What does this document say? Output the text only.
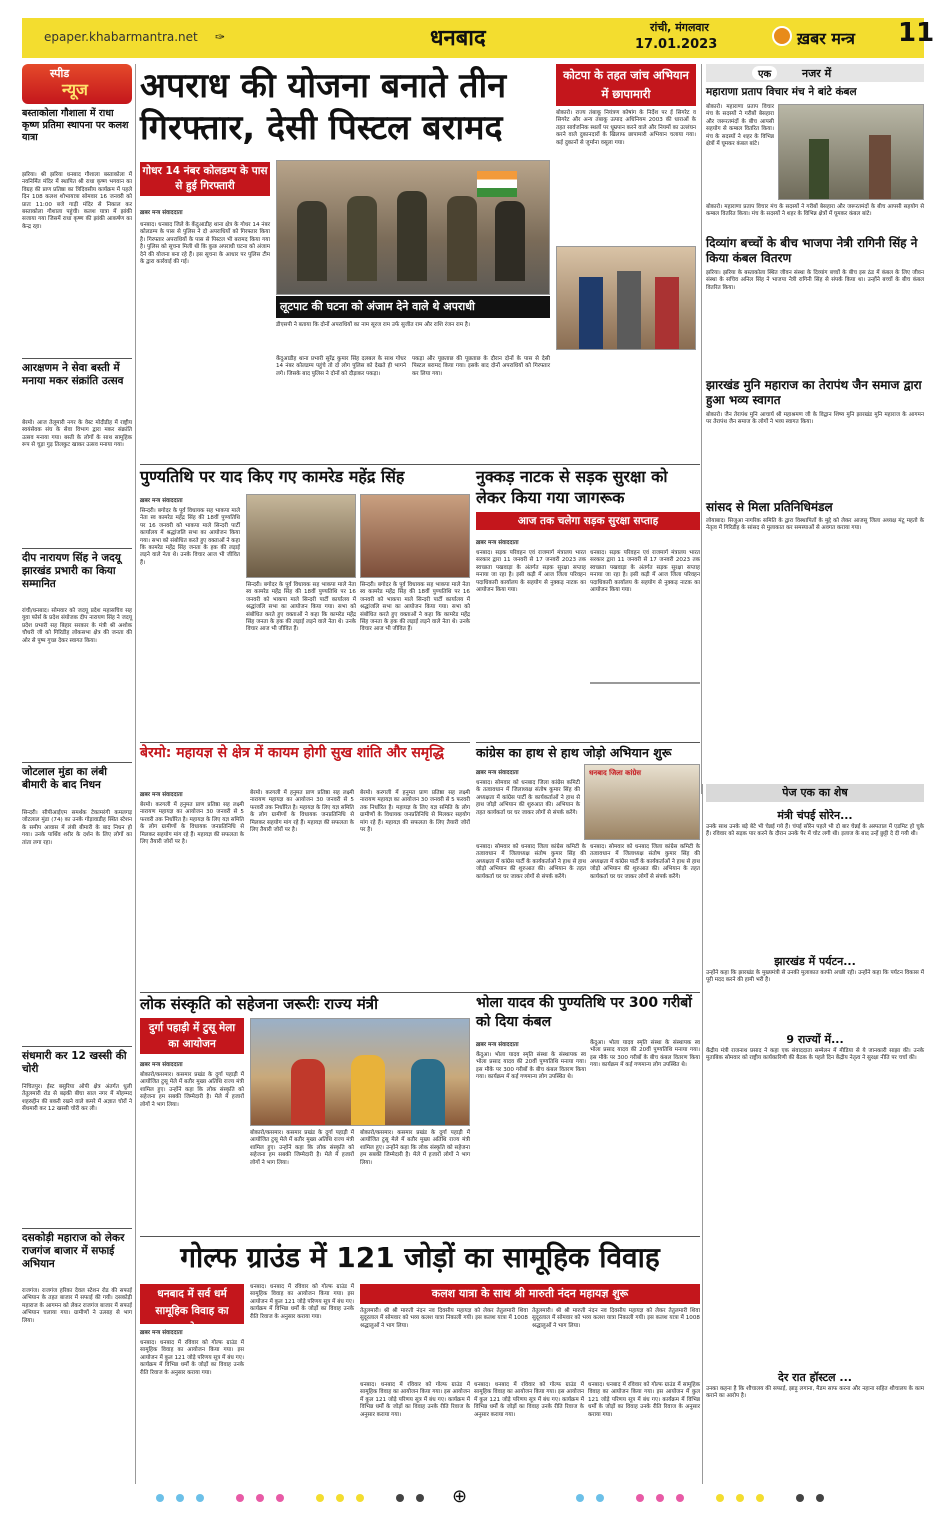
epaper.khabarmantra.net ✑	धनबाद	रांची, मंगलवार
17.01.2023	ख़बर मन्त्र 11
स्पीड
न्यूज
बस्ताकोला गौशाला में राधा कृष्ण प्रतिमा स्थापना पर कलश यात्रा
झरिया। श्री झरिया धनबाद गौशाला बस्ताकोला में नवनिर्मित मंदिर में स्थापित श्री राधा कृष्ण भगवान का विग्रह की प्राण प्रतिष्ठा का त्रिदिवसीय कार्यक्रम में पहले दिन 108 कलश शोभायात्रा सोमवार 16 जनवरी को प्रातः 11:00 बजे गाड़ी मंदिर से निकाल कर बस्ताकोला गौशाला पहुंची। कलश यात्रा में झांकी सजाया गया जिसमें राधा कृष्ण की झांकी आकर्षण का केन्द्र रहा।
आरक्षणम ने सेवा बस्ती में मनाया मकर संक्रांति उत्सव
बेरमो। आज तेलूमारी नगर के वेस्ट मोदीडीह में राष्ट्रीय स्वयंसेवक संघ के सेवा विभाग द्वारा मकर संक्रांति उत्सव मनाया गया। बस्ती के लोगों के साथ सामूहिक रूप से चूड़ा गुड़ तिलकुट खाकर उत्सव मनाया गया।
दीप नारायण सिंह ने जदयू झारखंड प्रभारी का किया सम्मानित
रांची/धनबाद। सोमवार को जदयू प्रदेश महासचिव सह युवा फोर्स के प्रदेश संयोजक दीप नारायण सिंह ने जदयू प्रदेश प्रभारी सह बिहार सरकार के मंत्री श्री अशोक चौधरी जी को गिरिडीह लोकसभा क्षेत्र की जनता की ओर से पुष्प गुच्छ देकर स्वागत किया।
जोटलाल मुंडा का लंबी बीमारी के बाद निधन
सिन्दरी। सीपीआईएम समर्थक टेकामरंगी कमलगड़ जोटलाल मुंडा (74) का उनके गोड़ावाडीह स्थित स्टेशन के समीप आवास में लंबी बीमारी के बाद निधन हो गया। उनके पार्थिव शरीर के दर्शन के लिए लोगों का तांता लगा रहा।
संधमारी कर 12 खस्सी की चोरी
निचितपुर। ईस्ट बसुरिया ओपी क्षेत्र अंतर्गत धुली तेतुलमारी रोड से बढ़की बीघा साल नगर में मोहम्मद शहरुद्दीन की बकरी रखने वाले कमरे में अज्ञात चोरों ने सेंधमारी कर 12 खस्सी चोरी कर ली।
दसकोड़ी महाराज को लेकर राजगंज बाजार में सफाई अभियान
राजगंज। राजगंज हरिका देवल स्टेशन रोड की सफाई अभियान के तहत बाजार में सफाई की गयी। दसकोड़ी महाराज के आगमन को लेकर राजगंज बाजार में सफाई अभियान चलाया गया। ग्रामीणों ने उत्साह से भाग लिया।
अपराध की योजना बनाते तीन
गिरफ्तार, देसी पिस्टल बरामद
गोधर 14 नंबर कोलडम्प के पास से हुई गिरफ्तारी
ख़बर मन्त्र संवाददाता
धनबाद। धनबाद जिले के केंदुआडीह थाना क्षेत्र के गोधर 14 नंबर कोलडम्प के पास से पुलिस ने दो अपराधियों को गिरफ्तार किया है। गिरफ्तार अपराधियों के पास से पिस्टल भी बरामद किया गया है। पुलिस को सूचना मिली थी कि कुछ अपराधी घटना को अंजाम देने की योजना बना रहे हैं। इस सूचना के आधार पर पुलिस टीम के द्वारा कार्रवाई की गई।
लूटपाट की घटना को अंजाम देने वाले थे अपराधी
डीएसपी ने बताया कि दोनों अपराधियों का नाम सूरज राम उर्फ सुजीत राम और राशि रंजन राम है।
केंदुआडीह थाना प्रभारी सुरेंद्र कुमार सिंह दलबल के साथ गोधर 14 नंबर कोलडम्प पहुंचे तो दो लोग पुलिस को देखते ही भागने लगे। जिसके बाद पुलिस ने दोनों को दौड़ाकर पकड़ा।
पकड़ा और पूछताछ की पूछताछ के दौरान दोनों के पास से देसी पिस्टल बरामद किया गया। इसके बाद दोनों अपराधियों को गिरफ्तार कर लिया गया।
कोटपा के तहत जांच अभियान में छापामारी
बोकारो। राज्य तंबाकू नियंत्रण कोषांग के निर्देश पर ई सिगरेट व सिगरेट और अन्य तंबाकू उत्पाद अधिनियम 2003 की धाराओं के तहत सार्वजनिक स्थलों पर धूम्रपान करने वाले और नियमों का उल्लंघन करने वाले दुकानदारों के खिलाफ छापामारी अभियान चलाया गया। कई दुकानों से जुर्माना वसूला गया।
एक	नजर में
महाराणा प्रताप विचार मंच ने बांटे कंबल
बोकारो। महाराणा प्रताप विचार मंच के सदस्यों ने गरीबों बेसहारा और जरूरतमंदों के बीच आपसी सहयोग से कम्बल वितरित किया। मंच के सदस्यों ने शहर के विभिन्न क्षेत्रों में घूमकर कंबल बांटे।
बोकारो। महाराणा प्रताप विचार मंच के सदस्यों ने गरीबों बेसहारा और जरूरतमंदों के बीच आपसी सहयोग से कम्बल वितरित किया। मंच के सदस्यों ने शहर के विभिन्न क्षेत्रों में घूमकर कंबल बांटे।
दिव्यांग बच्चों के बीच भाजपा नेत्री रागिनी सिंह ने किया कंबल वितरण
झरिया। झरिया के बस्ताकोला स्थित जीवन संस्था के दिव्यांग बच्चों के बीच इस ठंड में कंबल के लिए जीवन संस्था के सचिव अनिल सिंह ने भाजपा नेत्री रागिनी सिंह से संपर्क किया था। उन्होंने बच्चों के बीच कंबल वितरित किया।
झारखंड मुनि महाराज का तेरापंथ जैन समाज द्वारा हुआ भव्य स्वागत
बोकारो। जैन तेरापंथ मुनि आचार्य श्री महाश्रमण जी के विद्वान शिष्य मुनि झारखंड मुनि महाराज के आगमन पर तेरापंथ जैन समाज के लोगों ने भव्य स्वागत किया।
सांसद से मिला प्रतिनिधिमंडल
लोयाबाद। सिजुआ नागरिक समिति के द्वारा विस्थापितों के मुद्दे को लेकर आजसू जिला अध्यक्ष मंटू महतो के नेतृत्व में गिरिडीह के सांसद से मुलाकात कर समस्याओं से अवगत कराया गया।
पुण्यतिथि पर याद किए गए कामरेड महेंद्र सिंह
ख़बर मन्त्र संवाददाता
सिन्दरी। बगोदर के पूर्व विधायक सह भाकपा माले नेता स्व कामरेड महेंद्र सिंह की 18वीं पुण्यतिथि पर 16 जनवरी को भाकपा माले सिन्दरी पार्टी कार्यालय में श्रद्धांजलि सभा का आयोजन किया गया। सभा को संबोधित करते हुए वक्ताओं ने कहा कि कामरेड महेंद्र सिंह जनता के हक की लड़ाई लड़ने वाले नेता थे। उनके विचार आज भी जीवित हैं।
सिन्दरी। बगोदर के पूर्व विधायक सह भाकपा माले नेता स्व कामरेड महेंद्र सिंह की 18वीं पुण्यतिथि पर 16 जनवरी को भाकपा माले सिन्दरी पार्टी कार्यालय में श्रद्धांजलि सभा का आयोजन किया गया। सभा को संबोधित करते हुए वक्ताओं ने कहा कि कामरेड महेंद्र सिंह जनता के हक की लड़ाई लड़ने वाले नेता थे। उनके विचार आज भी जीवित हैं।
सिन्दरी। बगोदर के पूर्व विधायक सह भाकपा माले नेता स्व कामरेड महेंद्र सिंह की 18वीं पुण्यतिथि पर 16 जनवरी को भाकपा माले सिन्दरी पार्टी कार्यालय में श्रद्धांजलि सभा का आयोजन किया गया। सभा को संबोधित करते हुए वक्ताओं ने कहा कि कामरेड महेंद्र सिंह जनता के हक की लड़ाई लड़ने वाले नेता थे। उनके विचार आज भी जीवित हैं।
नुक्कड़ नाटक से सड़क सुरक्षा को लेकर किया गया जागरूक
आज तक चलेगा सड़क सुरक्षा सप्ताह
ख़बर मन्त्र संवाददाता
धनबाद। सड़क परिवहन एवं राजमार्ग मंत्रालय भारत सरकार द्वारा 11 जनवरी से 17 जनवरी 2023 तक स्वच्छता पखवाड़ा के अंतर्गत सड़क सुरक्षा सप्ताह मनाया जा रहा है। इसी कड़ी में आज जिला परिवहन पदाधिकारी कार्यालय के सहयोग से नुक्कड़ नाटक का आयोजन किया गया।
धनबाद। सड़क परिवहन एवं राजमार्ग मंत्रालय भारत सरकार द्वारा 11 जनवरी से 17 जनवरी 2023 तक स्वच्छता पखवाड़ा के अंतर्गत सड़क सुरक्षा सप्ताह मनाया जा रहा है। इसी कड़ी में आज जिला परिवहन पदाधिकारी कार्यालय के सहयोग से नुक्कड़ नाटक का आयोजन किया गया।
बेरमो: महायज्ञ से क्षेत्र में कायम होगी सुख शांति और समृद्धि
ख़बर मन्त्र संवाददाता
बेरमो। करगली में हनुमत प्राण प्रतिष्ठा सह लक्ष्मी नारायण महायज्ञ का आयोजन 30 जनवरी से 5 फरवरी तक निर्धारित है। महायज्ञ के लिए यज्ञ समिति के लोग ग्रामीणों के विधायक जनप्रतिनिधि से मिलकर सहयोग मांग रहे हैं। महायज्ञ की सफलता के लिए तैयारी जोरों पर है।
बेरमो। करगली में हनुमत प्राण प्रतिष्ठा सह लक्ष्मी नारायण महायज्ञ का आयोजन 30 जनवरी से 5 फरवरी तक निर्धारित है। महायज्ञ के लिए यज्ञ समिति के लोग ग्रामीणों के विधायक जनप्रतिनिधि से मिलकर सहयोग मांग रहे हैं। महायज्ञ की सफलता के लिए तैयारी जोरों पर है।
बेरमो। करगली में हनुमत प्राण प्रतिष्ठा सह लक्ष्मी नारायण महायज्ञ का आयोजन 30 जनवरी से 5 फरवरी तक निर्धारित है। महायज्ञ के लिए यज्ञ समिति के लोग ग्रामीणों के विधायक जनप्रतिनिधि से मिलकर सहयोग मांग रहे हैं। महायज्ञ की सफलता के लिए तैयारी जोरों पर है।
कांग्रेस का हाथ से हाथ जोड़ो अभियान शुरू
ख़बर मन्त्र संवाददाता
धनबाद। सोमवार को धनबाद जिला कांग्रेस कमिटी के तत्वावधान में जिलाध्यक्ष संतोष कुमार सिंह की अध्यक्षता में कांग्रेस पार्टी के कार्यकर्ताओं ने हाथ से हाथ जोड़ो अभियान की शुरुआत की। अभियान के तहत कार्यकर्ता घर घर जाकर लोगों से संपर्क करेंगे।
धनबाद जिला कांग्रेस
धनबाद। सोमवार को धनबाद जिला कांग्रेस कमिटी के तत्वावधान में जिलाध्यक्ष संतोष कुमार सिंह की अध्यक्षता में कांग्रेस पार्टी के कार्यकर्ताओं ने हाथ से हाथ जोड़ो अभियान की शुरुआत की। अभियान के तहत कार्यकर्ता घर घर जाकर लोगों से संपर्क करेंगे।
धनबाद। सोमवार को धनबाद जिला कांग्रेस कमिटी के तत्वावधान में जिलाध्यक्ष संतोष कुमार सिंह की अध्यक्षता में कांग्रेस पार्टी के कार्यकर्ताओं ने हाथ से हाथ जोड़ो अभियान की शुरुआत की। अभियान के तहत कार्यकर्ता घर घर जाकर लोगों से संपर्क करेंगे।
पेज एक का शेष
मंत्री चंपई सोरेन...
उनके साथ उनके बड़े बेटे भी चेन्नई गये हैं। चंपई सोरेन पहले भी दो बार चेन्नई के अस्पताल में एडमिट हो चुके हैं। रविवार को सड़क पार करने के दौरान उनके पैर में चोट लगी थी। इलाज के बाद उन्हें छुट्टी दे दी गयी थी।
झारखंड में पर्यटन...
उन्होंने कहा कि झारखंड के मुख्यमंत्री से उनकी मुलाकात काफी अच्छी रही। उन्होंने कहा कि पर्यटन विकास में पूरी मदद करने की हामी भरी है।
9 राज्यों में...
केंद्रीय मंत्री राजनाथ प्रसाद ने कहा एक संवाददाता सम्मेलन में मीडिया से ये जानकारी साझा की। उनके मुताबिक सोमवार को राष्ट्रीय कार्यकारिणी की बैठक के पहले दिन केंद्रीय नेतृत्व ने सुरक्षा नीति पर चर्चा की।
देर रात हॉस्टल ...
उनका कहना है कि शौचालय की सफाई, झाड़ू लगाना, मैडम साफ करना और नहाना सहित शौचालय के काम कराने का आरोप है।
लोक संस्कृति को सहेजना जरूरीः राज्य मंत्री
दुर्गा पहाड़ी में टुसू मेला का आयोजन
ख़बर मन्त्र संवाददाता
बोकारो/कसमार। कसमार प्रखंड के दुर्गा पहाड़ी में आयोजित टुसू मेले में बतौर मुख्य अतिथि राज्य मंत्री शामिल हुए। उन्होंने कहा कि लोक संस्कृति को सहेजना हम सबकी जिम्मेदारी है। मेले में हजारों लोगों ने भाग लिया।
बोकारो/कसमार। कसमार प्रखंड के दुर्गा पहाड़ी में आयोजित टुसू मेले में बतौर मुख्य अतिथि राज्य मंत्री शामिल हुए। उन्होंने कहा कि लोक संस्कृति को सहेजना हम सबकी जिम्मेदारी है। मेले में हजारों लोगों ने भाग लिया।
बोकारो/कसमार। कसमार प्रखंड के दुर्गा पहाड़ी में आयोजित टुसू मेले में बतौर मुख्य अतिथि राज्य मंत्री शामिल हुए। उन्होंने कहा कि लोक संस्कृति को सहेजना हम सबकी जिम्मेदारी है। मेले में हजारों लोगों ने भाग लिया।
भोला यादव की पुण्यतिथि पर 300 गरीबों को दिया कंबल
ख़बर मन्त्र संवाददाता
केंदुआ। भोला यादव स्मृति संस्था के संस्थापक स्व भोला प्रसाद यादव की 20वीं पुण्यतिथि मनाया गया। इस मौके पर 300 गरीबों के बीच कंबल वितरण किया गया। कार्यक्रम में कई गणमान्य लोग उपस्थित थे।
केंदुआ। भोला यादव स्मृति संस्था के संस्थापक स्व भोला प्रसाद यादव की 20वीं पुण्यतिथि मनाया गया। इस मौके पर 300 गरीबों के बीच कंबल वितरण किया गया। कार्यक्रम में कई गणमान्य लोग उपस्थित थे।
गोल्फ ग्राउंड में 121 जोड़ों का सामूहिक विवाह
धनबाद में सर्व धर्म सामूहिक विवाह का आयोजन
ख़बर मन्त्र संवाददाता
धनबाद। धनबाद में रविवार को गोल्फ ग्राउंड में सामूहिक विवाह का आयोजन किया गया। इस आयोजन में कुल 121 जोड़े परिणय सूत्र में बंध गए। कार्यक्रम में विभिन्न धर्मों के जोड़ों का विवाह उनके रीति रिवाज के अनुसार कराया गया।
धनबाद। धनबाद में रविवार को गोल्फ ग्राउंड में सामूहिक विवाह का आयोजन किया गया। इस आयोजन में कुल 121 जोड़े परिणय सूत्र में बंध गए। कार्यक्रम में विभिन्न धर्मों के जोड़ों का विवाह उनके रीति रिवाज के अनुसार कराया गया।
कलश यात्रा के साथ श्री मारुती नंदन महायज्ञ शुरू
तेतुलमारी। श्री श्री मारुती नंदन नव दिवसीय महायज्ञ को लेकर तेतुलमारी शिवा सुदूरलाल में सोमवार को भव्य कलश यात्रा निकाली गयी। इस कलश यात्रा में 1008 श्रद्धालुओं ने भाग लिया।
तेतुलमारी। श्री श्री मारुती नंदन नव दिवसीय महायज्ञ को लेकर तेतुलमारी शिवा सुदूरलाल में सोमवार को भव्य कलश यात्रा निकाली गयी। इस कलश यात्रा में 1008 श्रद्धालुओं ने भाग लिया।
धनबाद। धनबाद में रविवार को गोल्फ ग्राउंड में सामूहिक विवाह का आयोजन किया गया। इस आयोजन में कुल 121 जोड़े परिणय सूत्र में बंध गए। कार्यक्रम में विभिन्न धर्मों के जोड़ों का विवाह उनके रीति रिवाज के अनुसार कराया गया।
धनबाद। धनबाद में रविवार को गोल्फ ग्राउंड में सामूहिक विवाह का आयोजन किया गया। इस आयोजन में कुल 121 जोड़े परिणय सूत्र में बंध गए। कार्यक्रम में विभिन्न धर्मों के जोड़ों का विवाह उनके रीति रिवाज के अनुसार कराया गया।
धनबाद। धनबाद में रविवार को गोल्फ ग्राउंड में सामूहिक विवाह का आयोजन किया गया। इस आयोजन में कुल 121 जोड़े परिणय सूत्र में बंध गए। कार्यक्रम में विभिन्न धर्मों के जोड़ों का विवाह उनके रीति रिवाज के अनुसार कराया गया।
⊕
